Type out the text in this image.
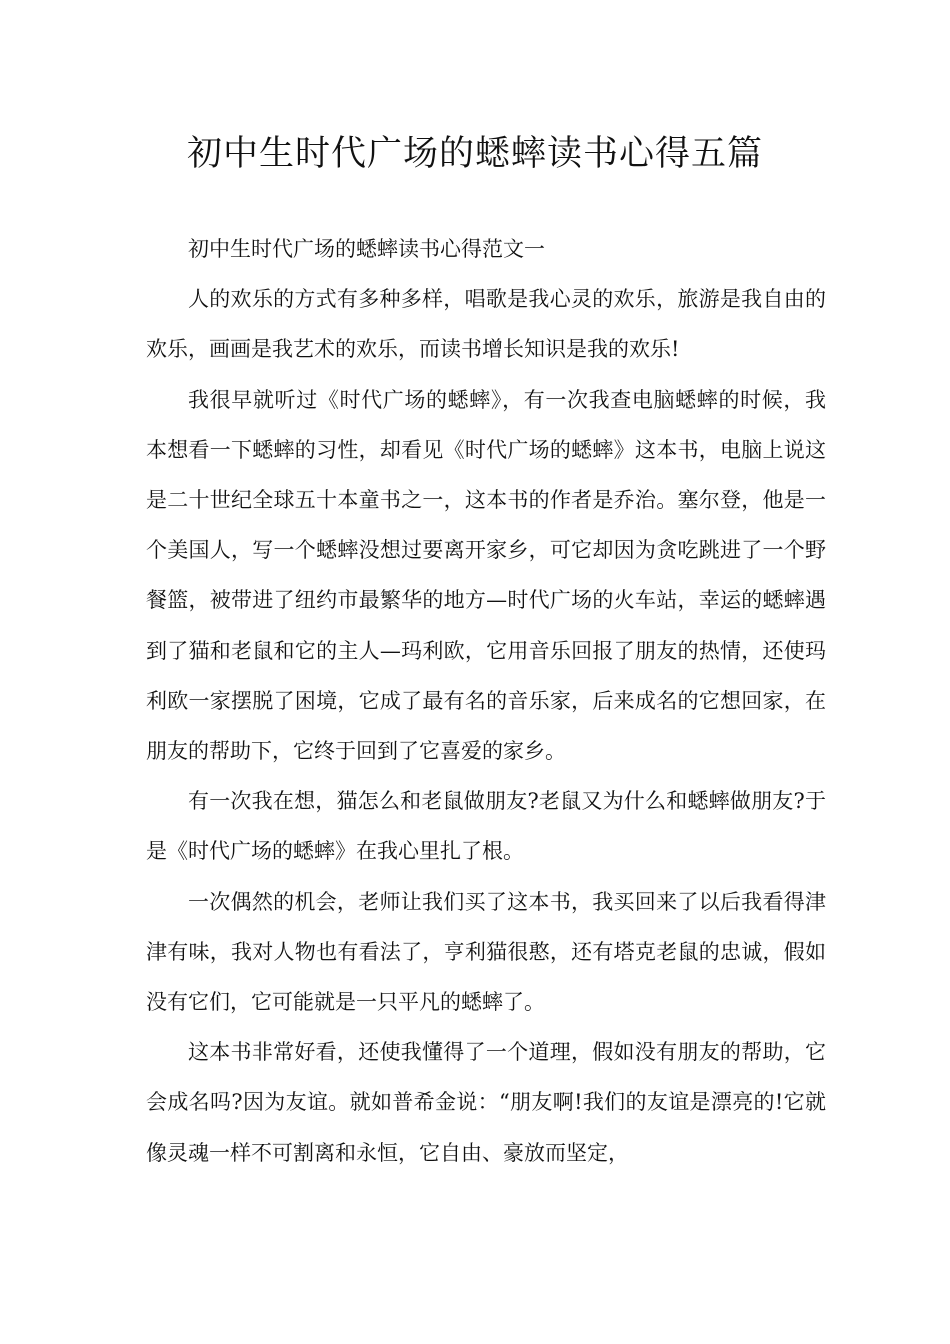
初中生时代广场的蟋蟀读书心得五篇

初中生时代广场的蟋蟀读书心得范文一

人的欢乐的方式有多种多样，唱歌是我心灵的欢乐，旅游是我自由的欢乐，画画是我艺术的欢乐，而读书增长知识是我的欢乐!

我很早就听过《时代广场的蟋蟀》，有一次我查电脑蟋蟀的时候，我本想看一下蟋蟀的习性，却看见《时代广场的蟋蟀》这本书，电脑上说这是二十世纪全球五十本童书之一，这本书的作者是乔治。塞尔登，他是一个美国人，写一个蟋蟀没想过要离开家乡，可它却因为贪吃跳进了一个野餐篮，被带进了纽约市最繁华的地方—时代广场的火车站，幸运的蟋蟀遇到了猫和老鼠和它的主人—玛利欧，它用音乐回报了朋友的热情，还使玛利欧一家摆脱了困境，它成了最有名的音乐家，后来成名的它想回家，在朋友的帮助下，它终于回到了它喜爱的家乡。

有一次我在想，猫怎么和老鼠做朋友?老鼠又为什么和蟋蟀做朋友?于是《时代广场的蟋蟀》在我心里扎了根。

一次偶然的机会，老师让我们买了这本书，我买回来了以后我看得津津有味，我对人物也有看法了，亨利猫很憨，还有塔克老鼠的忠诚，假如没有它们，它可能就是一只平凡的蟋蟀了。

这本书非常好看，还使我懂得了一个道理，假如没有朋友的帮助，它会成名吗?因为友谊。就如普希金说：“朋友啊!我们的友谊是漂亮的!它就像灵魂一样不可割离和永恒，它自由、豪放而坚定，
